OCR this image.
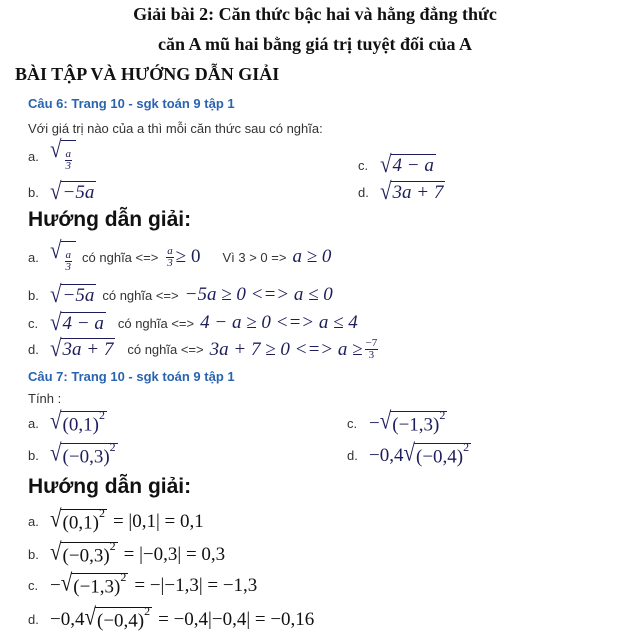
Giải bài 2: Căn thức bậc hai và hằng đẳng thức
căn A mũ hai bằng giá trị tuyệt đối của A
BÀI TẬP VÀ HƯỚNG DẪN GIẢI
Câu 6: Trang 10 - sgk toán 9 tập 1
Với giá trị nào của a thì mỗi căn thức sau có nghĩa:
a. √ $\frac{a}{3}$	c. √ 4 − a
b. √ −5a	d. √ 3a + 7
Hướng dẫn giải:
a. √ $\frac{a}{3}$ có nghĩa <=> $\frac{a}{3} \ge 0$ Vì 3 > 0 => a ≥ 0
b. √ −5a có nghĩa <=> −5a ≥ 0 <=> a ≤ 0
c. √ 4 − a có nghĩa <=> 4 − a ≥ 0 <=> a ≤ 4
d. √ 3a + 7 có nghĩa <=> 3a + 7 ≥ 0 <=> $a \ge \frac{-7}{3}$
Câu 7: Trang 10 - sgk toán 9 tập 1
Tính :
a. √ $(0,1)^2$
c. − √ $(-1,3)^2$
b. √ $(-0,3)^2$
d. −0,4 √ $(-0,4)^2$
Hướng dẫn giải:
a. √ $(0,1)^2 = |0,1| = 0,1$
b. √ $(-0,3)^2 = |-0,3| = 0,3$
c. − √ $(-1,3)^2 = -|-1,3| = -1,3$
d. −0,4 √ $(-0,4)^2 = -0,4|-0,4| = -0,16$
